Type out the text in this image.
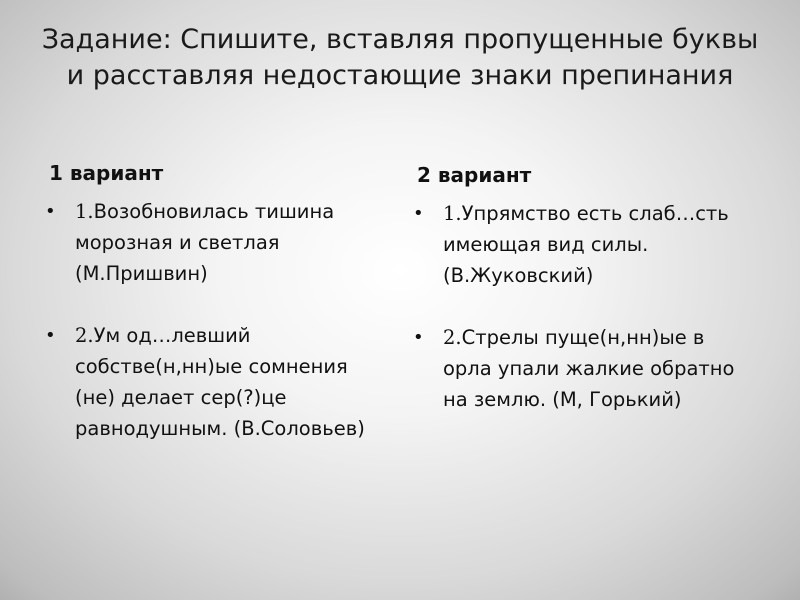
Задание: Спишите, вставляя пропущенные буквы и расставляя недостающие знаки препинания
1 вариант
• 1.Возобновилась тишина морозная и светлая (М.Пришвин)
• 2.Ум од…левший собстве(н,нн)ые сомнения (не) делает сер(?)це равнодушным. (В.Соловьев)
2 вариант
• 1.Упрямство есть слаб…сть имеющая вид силы. (В.Жуковский)
• 2.Стрелы пуще(н,нн)ые в орла упали жалкие обратно на землю. (М, Горький)
